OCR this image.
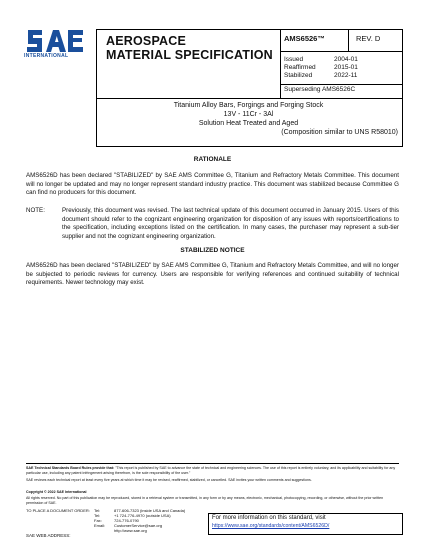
INTERNATIONAL
AEROSPACE
MATERIAL SPECIFICATION
AMS6526™	REV. D
Issued	2004-01
Reaffirmed	2015-01
Stabilized	2022-11
Superseding AMS6526C
Titanium Alloy Bars, Forgings and Forging Stock
13V - 11Cr - 3Al
Solution Heat Treated and Aged
(Composition similar to UNS R58010)
RATIONALE
AMS6526D has been declared "STABILIZED" by SAE AMS Committee G, Titanium and Refractory Metals Committee. This document will no longer be updated and may no longer represent standard industry practice. This document was stabilized because Committee G can find no producers for this document.
NOTE:	Previously, this document was revised. The last technical update of this document occurred in January 2015. Users of this document should refer to the cognizant engineering organization for disposition of any issues with reports/certifications to the specification, including exceptions listed on the certification. In many cases, the purchaser may represent a sub-tier supplier and not the cognizant engineering organization.
STABILIZED NOTICE
AMS6526D has been declared "STABILIZED" by SAE AMS Committee G, Titanium and Refractory Metals Committee, and will no longer be subjected to periodic reviews for currency. Users are responsible for verifying references and continued suitability of technical requirements. Newer technology may exist.
SAE Technical Standards Board Rules provide that: "This report is published by SAE to advance the state of technical and engineering sciences. The use of this report is entirely voluntary, and its applicability and suitability for any particular use, including any patent infringement arising therefrom, is the sole responsibility of the user."
SAE reviews each technical report at least every five years at which time it may be revised, reaffirmed, stabilized, or cancelled. SAE invites your written comments and suggestions.
Copyright © 2022 SAE International
All rights reserved. No part of this publication may be reproduced, stored in a retrieval system or transmitted, in any form or by any means, electronic, mechanical, photocopying, recording, or otherwise, without the prior written permission of SAE.
TO PLACE A DOCUMENT ORDER: Tel:	877-606-7323 (inside USA and Canada)
Tel:	+1 724-776-4970 (outside USA)
Fax:	724-776-0790
Email: CustomerService@sae.org
http://www.sae.org
For more information on this standard, visit
https://www.sae.org/standards/content/AMS6526D/
SAE WEB ADDRESS:
